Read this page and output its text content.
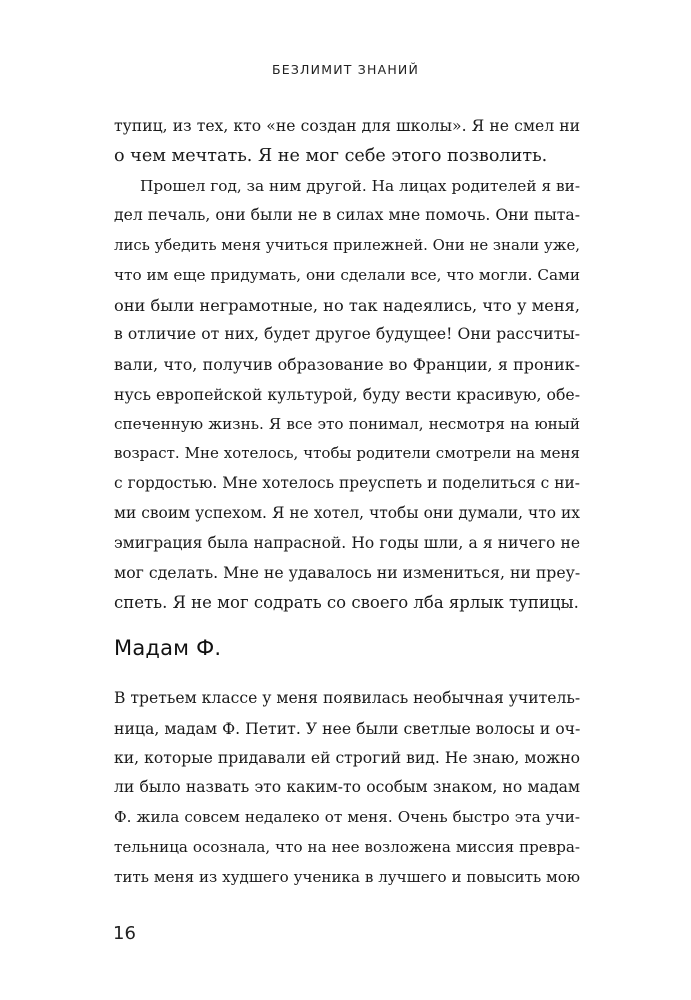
БЕЗЛИМИТ ЗНАНИЙ
тупиц, из тех, кто «не создан для школы». Я не смел ни
о чем мечтать. Я не мог себе этого позволить.
Прошел год, за ним другой. На лицах родителей я ви-
дел печаль, они были не в силах мне помочь. Они пыта-
лись убедить меня учиться прилежней. Они не знали уже,
что им еще придумать, они сделали все, что могли. Сами
они были неграмотные, но так надеялись, что у меня,
в отличие от них, будет другое будущее! Они рассчиты-
вали, что, получив образование во Франции, я проник-
нусь европейской культурой, буду вести красивую, обе-
спеченную жизнь. Я все это понимал, несмотря на юный
возраст. Мне хотелось, чтобы родители смотрели на меня
с гордостью. Мне хотелось преуспеть и поделиться с ни-
ми своим успехом. Я не хотел, чтобы они думали, что их
эмиграция была напрасной. Но годы шли, а я ничего не
мог сделать. Мне не удавалось ни измениться, ни преу-
спеть. Я не мог содрать со своего лба ярлык тупицы.
Мадам Ф.
В третьем классе у меня появилась необычная учитель-
ница, мадам Ф. Петит. У нее были светлые волосы и оч-
ки, которые придавали ей строгий вид. Не знаю, можно
ли было назвать это каким-то особым знаком, но мадам
Ф. жила совсем недалеко от меня. Очень быстро эта учи-
тельница осознала, что на нее возложена миссия превра-
тить меня из худшего ученика в лучшего и повысить мою
16
